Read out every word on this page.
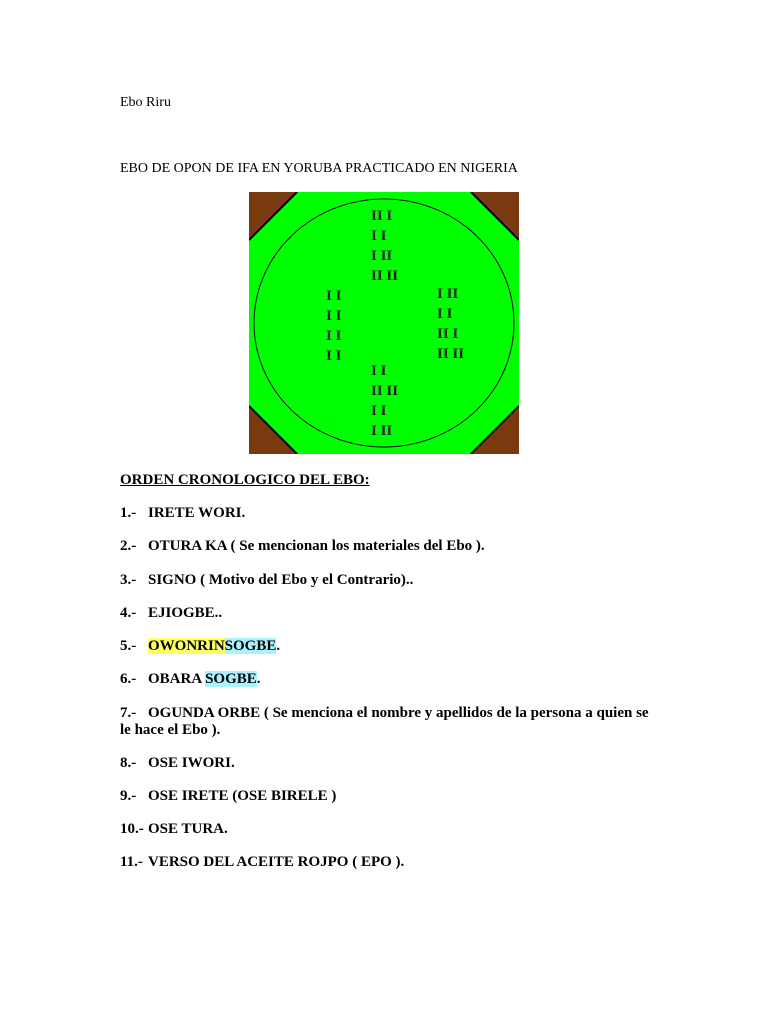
Ebo Riru
EBO DE OPON DE IFA EN YORUBA PRACTICADO EN NIGERIA
II I
I I
I II
II II
I I
I I
I I
I I
I II
I I
II I
II II
I I
II II
I I
I II
ORDEN CRONOLOGICO DEL EBO:
1.- IRETE WORI.
2.- OTURA KA ( Se mencionan los materiales del Ebo ).
3.- SIGNO ( Motivo del Ebo y el Contrario)..
4.- EJIOGBE..
5.- OWONRINSOGBE.
6.- OBARA SOGBE.
7.- OGUNDA ORBE ( Se menciona el nombre y apellidos de la persona a quien se le hace el Ebo ).
8.- OSE IWORI.
9.- OSE IRETE (OSE BIRELE )
10.- OSE TURA.
11.- VERSO DEL ACEITE ROJPO ( EPO ).
